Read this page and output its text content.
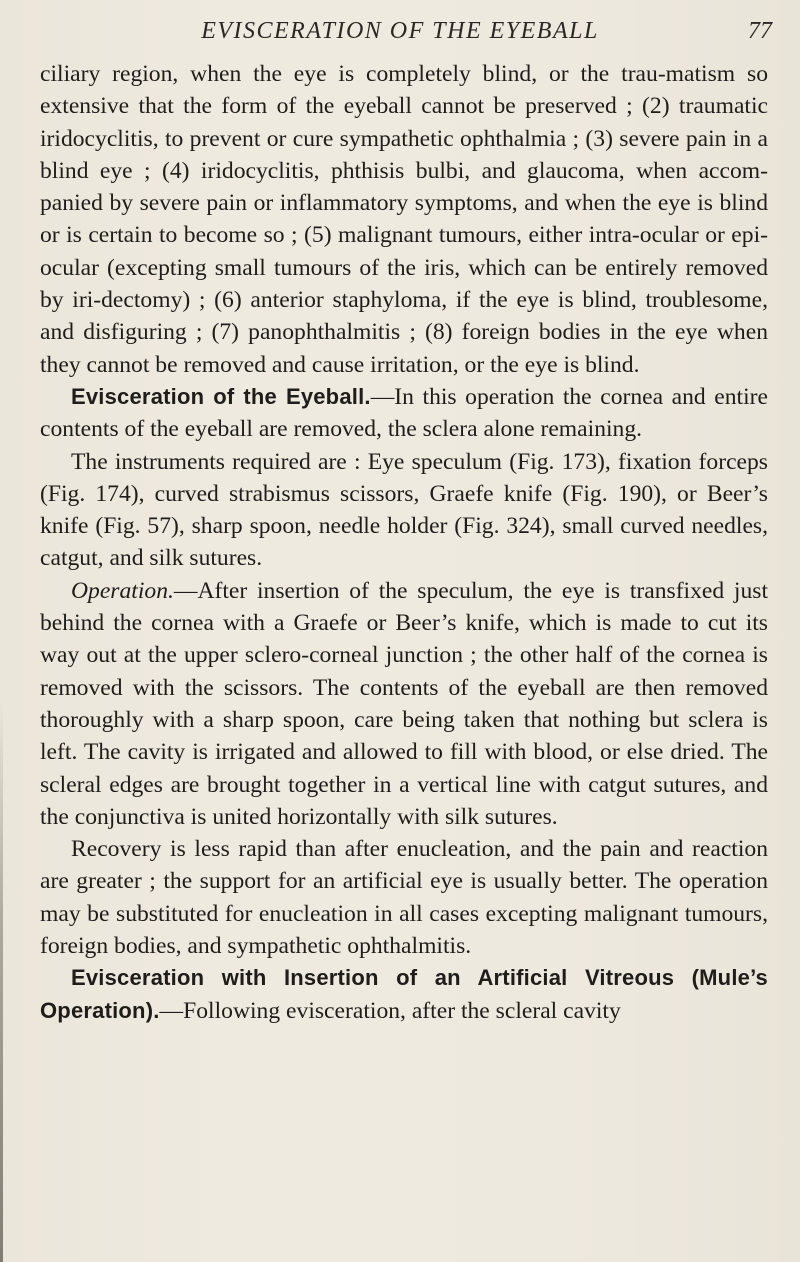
EVISCERATION OF THE EYEBALL	77

ciliary region, when the eye is completely blind, or the trau-matism so extensive that the form of the eyeball cannot be preserved ; (2) traumatic iridocyclitis, to prevent or cure sympathetic ophthalmia ; (3) severe pain in a blind eye ; (4) iridocyclitis, phthisis bulbi, and glaucoma, when accom-panied by severe pain or inflammatory symptoms, and when the eye is blind or is certain to become so ; (5) malignant tumours, either intra-ocular or epi-ocular (excepting small tumours of the iris, which can be entirely removed by iri-dectomy) ; (6) anterior staphyloma, if the eye is blind, troublesome, and disfiguring ; (7) panophthalmitis ; (8) foreign bodies in the eye when they cannot be removed and cause irritation, or the eye is blind.

Evisceration of the Eyeball.—In this operation the cornea and entire contents of the eyeball are removed, the sclera alone remaining.

The instruments required are : Eye speculum (Fig. 173), fixation forceps (Fig. 174), curved strabismus scissors, Graefe knife (Fig. 190), or Beer’s knife (Fig. 57), sharp spoon, needle holder (Fig. 324), small curved needles, catgut, and silk sutures.

Operation.—After insertion of the speculum, the eye is transfixed just behind the cornea with a Graefe or Beer’s knife, which is made to cut its way out at the upper sclero-corneal junction ; the other half of the cornea is removed with the scissors. The contents of the eyeball are then removed thoroughly with a sharp spoon, care being taken that nothing but sclera is left. The cavity is irrigated and allowed to fill with blood, or else dried. The scleral edges are brought together in a vertical line with catgut sutures, and the conjunctiva is united horizontally with silk sutures.

Recovery is less rapid than after enucleation, and the pain and reaction are greater ; the support for an artificial eye is usually better. The operation may be substituted for enucleation in all cases excepting malignant tumours, foreign bodies, and sympathetic ophthalmitis.

Evisceration with Insertion of an Artificial Vitreous (Mule’s Operation).—Following evisceration, after the scleral cavity
